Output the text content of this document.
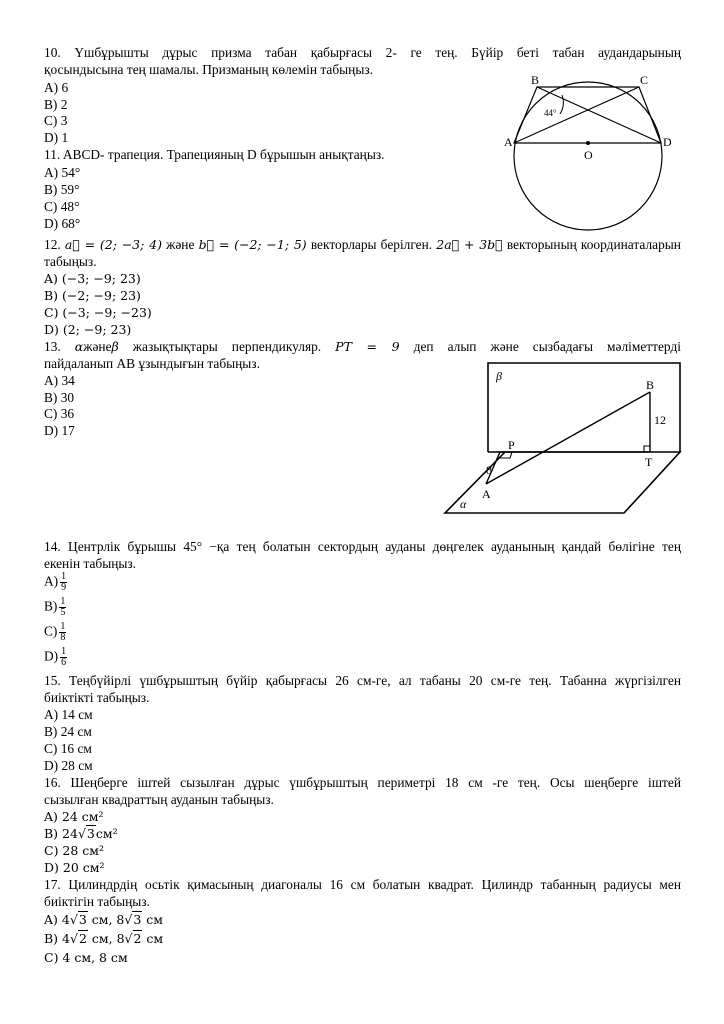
10. Үшбұрышты дұрыс призма табан қабырғасы 2- ге тең. Бүйір беті табан аудандарының

қосындысына тең шамалы. Призманың көлемін табыңыз.

A) 6
B) 2
C) 3
D) 1

11. ABCD- трапеция. Трапецияның D бұрышын анықтаңыз.

A) 54°
B) 59°
C) 48°
D) 68°
B	C
A	D
O
44°
12. a⃗ = (2; −3; 4) және b⃗ = (−2; −1; 5) векторлары берілген. 2a⃗ + 3b⃗ векторының координаталарын

табыңыз.

A) (−3; −9; 23)
B) (−2; −9; 23)
C) (−3; −9; −23)
D) (2; −9; 23)
13. αжәнеβ жазықтықтары перпендикуляр. PT = 9 деп алып және сызбадағы мәліметтерді

пайдаланып AB ұзындығын табыңыз.

A) 34
B) 30
C) 36
D) 17
β
α
B
P
T
A
12
8

14. Центрлік бұрышы 45° −қа тең болатын сектордың ауданы дөңгелек ауданының қандай бөлігіне тең

екенін табыңыз.

$A) \frac{1}{9}$
$B) \frac{1}{5}$
$C) \frac{1}{8}$
$D) \frac{1}{6}$

15. Теңбүйірлі үшбұрыштың бүйір қабырғасы 26 см-ге, ал табаны 20 см-ге тең. Табанна жүргізілген

биіктікті табыңыз.

A) 14 см
B) 24 см
C) 16 см
D) 28 см

16. Шеңберге іштей сызылған дұрыс үшбұрыштың периметрі 18 см -ге тең. Осы шеңберге іштей

сызылған квадраттың ауданын табыңыз.

A) 24 см²
B) 24√3см²
C) 28 см²
D) 20 см²

17. Цилиндрдің осьтік қимасының диагоналы 16 см болатын квадрат. Цилиндр табанның радиусы мен

биіктігін табыңыз.

A) 4√3 см, 8√3 см
B) 4√2 см, 8√2 см
C) 4 см, 8 см
